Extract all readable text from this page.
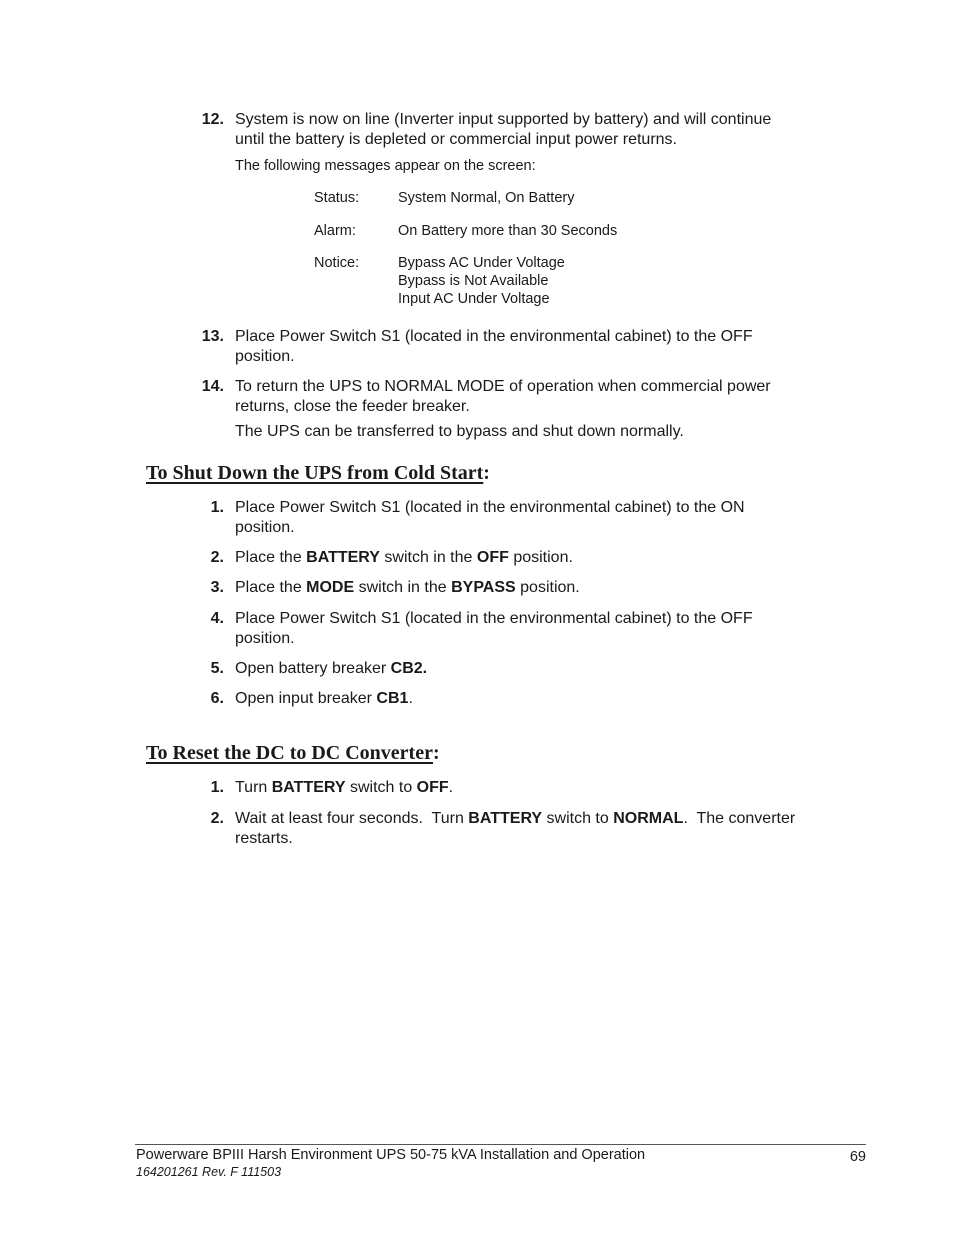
12. System is now on line (Inverter input supported by battery) and will continue
until the battery is depleted or commercial input power returns.
The following messages appear on the screen:
Status:	System Normal, On Battery
Alarm:	On Battery more than 30 Seconds
Notice:	Bypass AC Under Voltage
Bypass is Not Available
Input AC Under Voltage
13. Place Power Switch S1 (located in the environmental cabinet) to the OFF
position.
14. To return the UPS to NORMAL MODE of operation when commercial power
returns, close the feeder breaker.
The UPS can be transferred to bypass and shut down normally.
To Shut Down the UPS from Cold Start:
1. Place Power Switch S1 (located in the environmental cabinet) to the ON
position.
2. Place the BATTERY switch in the OFF position.
3. Place the MODE switch in the BYPASS position.
4. Place Power Switch S1 (located in the environmental cabinet) to the OFF
position.
5. Open battery breaker CB2.
6. Open input breaker CB1.
To Reset the DC to DC Converter:
1. Turn BATTERY switch to OFF.
2. Wait at least four seconds.  Turn BATTERY switch to NORMAL.  The converter
restarts.
Powerware BPIII Harsh Environment UPS 50-75 kVA Installation and Operation	69
164201261 Rev. F 111503
